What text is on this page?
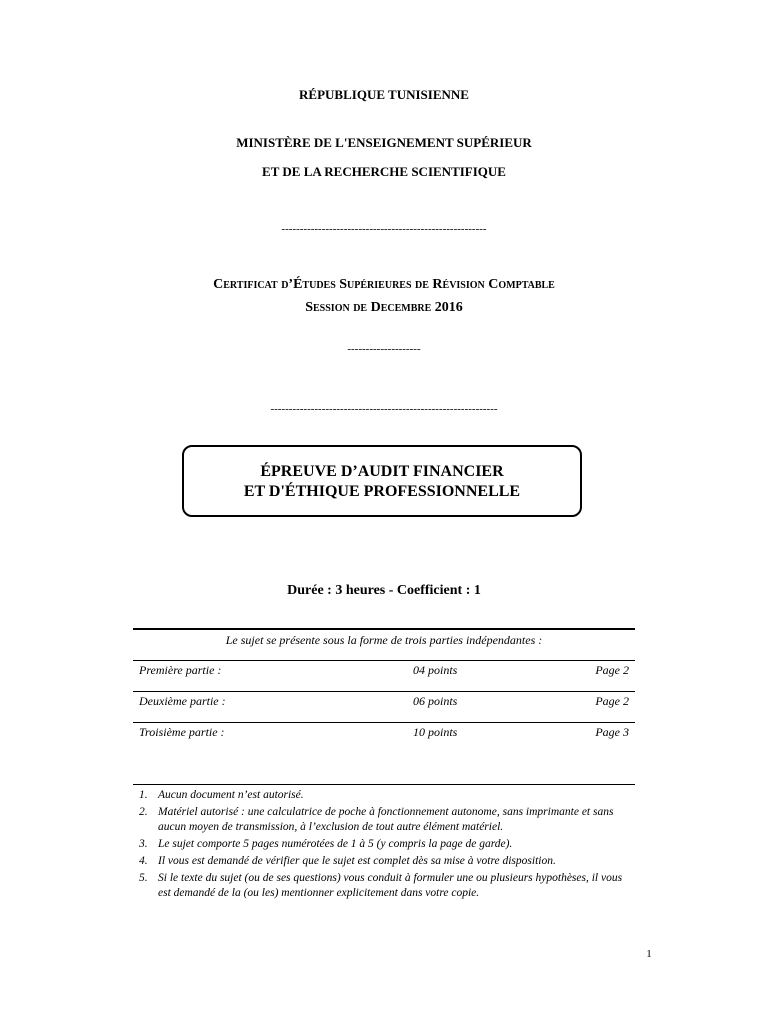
RÉPUBLIQUE TUNISIENNE
MINISTÈRE DE L'ENSEIGNEMENT SUPÉRIEUR
ET DE LA RECHERCHE SCIENTIFIQUE
--------------------------------------------------------
Certificat d’Études Supérieures de Révision Comptable
Session de Decembre 2016
--------------------
--------------------------------------------------------------
ÉPREUVE D’AUDIT FINANCIER
ET D'ÉTHIQUE PROFESSIONNELLE
Durée : 3 heures - Coefficient : 1
Le sujet se présente sous la forme de trois parties indépendantes :
Première partie :	04 points	Page 2
Deuxième partie :	06 points	Page 2
Troisième partie :	10 points	Page 3
1. Aucun document n’est autorisé.
2. Matériel autorisé : une calculatrice de poche à fonctionnement autonome, sans imprimante et sans aucun moyen de transmission, à l’exclusion de tout autre élément matériel.
3. Le sujet comporte 5 pages numérotées de 1 à 5 (y compris la page de garde).
4. Il vous est demandé de vérifier que le sujet est complet dès sa mise à votre disposition.
5. Si le texte du sujet (ou de ses questions) vous conduit à formuler une ou plusieurs hypothèses, il vous est demandé de la (ou les) mentionner explicitement dans votre copie.
1
